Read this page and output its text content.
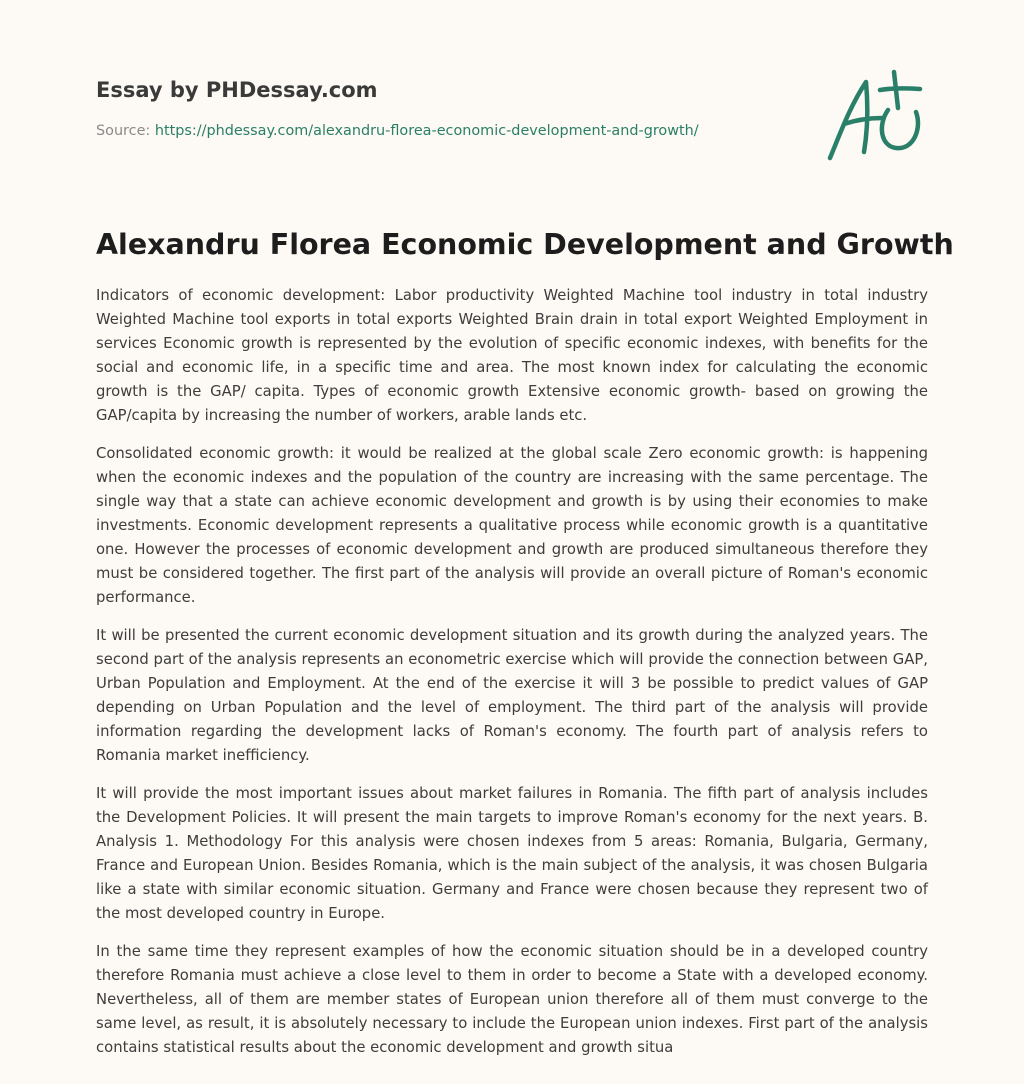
Essay by PHDessay.com
Source: https://phdessay.com/alexandru-florea-economic-development-and-growth/
Alexandru Florea Economic Development and Growth

Indicators of economic development: Labor productivity Weighted Machine tool industry in total industry Weighted Machine tool exports in total exports Weighted Brain drain in total export Weighted Employment in services Economic growth is represented by the evolution of specific economic indexes, with benefits for the social and economic life, in a specific time and area. The most known index for calculating the economic growth is the GAP/ capita. Types of economic growth Extensive economic growth- based on growing the GAP/capita by increasing the number of workers, arable lands etc.

Consolidated economic growth: it would be realized at the global scale Zero economic growth: is happening when the economic indexes and the population of the country are increasing with the same percentage. The single way that a state can achieve economic development and growth is by using their economies to make investments. Economic development represents a qualitative process while economic growth is a quantitative one. However the processes of economic development and growth are produced simultaneous therefore they must be considered together. The first part of the analysis will provide an overall picture of Roman's economic performance.

It will be presented the current economic development situation and its growth during the analyzed years. The second part of the analysis represents an econometric exercise which will provide the connection between GAP, Urban Population and Employment. At the end of the exercise it will 3 be possible to predict values of GAP depending on Urban Population and the level of employment. The third part of the analysis will provide information regarding the development lacks of Roman's economy. The fourth part of analysis refers to Romania market inefficiency.

It will provide the most important issues about market failures in Romania. The fifth part of analysis includes the Development Policies. It will present the main targets to improve Roman's economy for the next years. B. Analysis 1. Methodology For this analysis were chosen indexes from 5 areas: Romania, Bulgaria, Germany, France and European Union. Besides Romania, which is the main subject of the analysis, it was chosen Bulgaria like a state with similar economic situation. Germany and France were chosen because they represent two of the most developed country in Europe.

In the same time they represent examples of how the economic situation should be in a developed country therefore Romania must achieve a close level to them in order to become a State with a developed economy. Nevertheless, all of them are member states of European union therefore all of them must converge to the same level, as result, it is absolutely necessary to include the European union indexes. First part of the analysis contains statistical results about the economic development and growth situa
